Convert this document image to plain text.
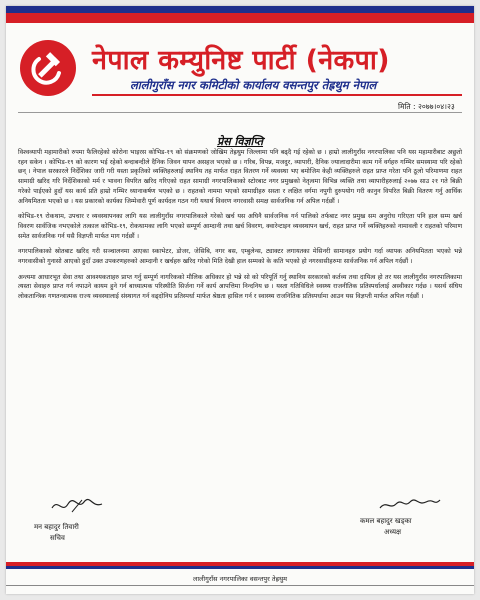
नेपाल कम्युनिष्ट पार्टी (नेकपा)
लालीगुराँस नगर कमिटीको कार्यालय वसन्तपुर तेह्रथुम नेपाल
मिति : २०७७।०४।२३
प्रेस विज्ञप्ति

विश्वव्यापी महामारीको रुपमा फैलिरहेको कोरोना भाइरस कोभिड-१९ को संक्रमणको जोखिम तेह्रथुम जिल्लामा पनि बढ्दै गई रहेको छ । हाम्रो लालीगुराँस नगरपालिका पनि यस महामारीबाट अछुतो रहन सकेन । कोभिड-१९ को कारण भई रहेको बन्दाबन्दीले दैनिक जिवन यापन असहज भएको छ । गरिब, विपन्न, मजदुर, व्यापारी, दैनिक ज्यालादारीमा काम गर्ने वर्गहरु गम्भिर समस्यामा परि रहेको छन् । नेपाल सरकारले निर्देशिका जारी गरी यस्ता प्रकृतिको व्यक्तिहरुलाई स्थानिय तह मार्फत राहत वितरण गर्ने व्यवस्था भए बमोजिम केही व्यक्तिहरुले राहत प्राप्त गरेता पनि ठूलो परिमाणमा राहत सामाग्री खरिद गरि निर्देशिकाको मर्म र भावना विपरित खरिद गरिएको राहत सामाग्री नगरपालिकाको स्टोरबाट नगर प्रमुखको नेतृत्वमा विभिन्न व्यक्ति तथा व्यापारीहरुलाई २०७७ साउ २१ गते बिक्री गरेको पाईएको हुदाँ यस कार्य प्रति हाम्रो गम्भिर ध्यानाकर्षण भएको छ । राहतको नाममा भएको सामाग्रीहरु सस्ता र लक्षित वर्गमा नपुगी दुरुपयोग गरी कानुन विपरित बिक्री वितरण गर्नु आर्थिक अनियमितता भएको छ । यस प्रकारको कार्यका जिम्मेवारी पूर्ण कार्यदल गठन गरी यथार्थ विवरण नगरवासी समक्ष सार्वजनिक गर्न अपिल गर्दछौं ।

कोभिड-१९ रोकथाम, उपचार र व्यवस्थापनका लागि यस लालीगुराँस नगरपालिकाले गरेको खर्च यस अघिनै सार्वजनिक गर्न पालिको तर्फबाट नगर प्रमुख सम अनुरोध गरिएता पनि हाल सम्म खर्च विवरण सार्वजिक नभएकोले तत्काल कोभिड-१९, रोकथामका लागि भएको सम्पूर्ण आम्दानी तथा खर्च विवरण, क्वारेन्टाइन व्यवस्थापन खर्च, राहत प्राप्त गर्ने व्यक्तिहरुको नामावली र राहतको परिमाण समेत सार्वजनिक गर्न यसै विज्ञप्ती मार्फत माग गर्दछौं ।

नगरपालिकाको स्रोतबाट खरिद गरी सञ्चालनमा आएका स्काभेटर, डोजर, जेसिबि, नगर बस, एम्बुलेन्स, ट्याक्टर लगायतका मेसिनरी सामानहरु प्रयोग गर्दा व्यापक अनियमितता भएको भन्ने नगरवासीको गुनासो आएको हुदाँ उक्त उपकरणहरुको आम्दानी र खर्चहरु खरिद गरेको मिति देखी हाल सम्मको के कति भएको हो नगरवासीहरुमा सार्वजनिक गर्न अपिल गर्दछौं ।

अन्त्यमा आधारभूत सेवा तथा आवश्यकताहरु प्राप्त गर्नु सम्पूर्ण नागरिकको मौलिक अधिकार हो भन्ने सो को परिपूर्ति गर्नु स्थानिय सरकारको कर्तव्य तथा दायित्व हो तर यस लालीगुराँस नगरपालिकामा त्यस्ता सेवाहरु प्राप्त गर्न नपाउने कायम हुने गर्न बाध्यात्मक परिस्थीति सिर्जना गर्ने कार्य आपत्तिमा निन्दनिय छ । यस्ता गतिविधिले स्वस्थ्य राजनीतिक प्रतिस्पर्धालाई अस्वीकार गर्दछ । यसर्थ संघिय लोकतान्त्रिक गणतन्त्रात्मक राज्य व्यवस्थालाई संस्थागत गर्न वढ्दोनिय प्रतिस्पर्धा मार्फत श्रेष्ठता हासिल गर्न र स्वास्थ्य राजनितिक प्रतिस्पर्धामा आउन यस विज्ञप्ती मार्फत अपिल गर्दछौं ।

मन बहादुर तिवारी
सचिव
कमल बहादुर खड्का
अध्यक्ष
लालीगुराँस नगरपालिका वसन्तपुर तेह्रथुम
